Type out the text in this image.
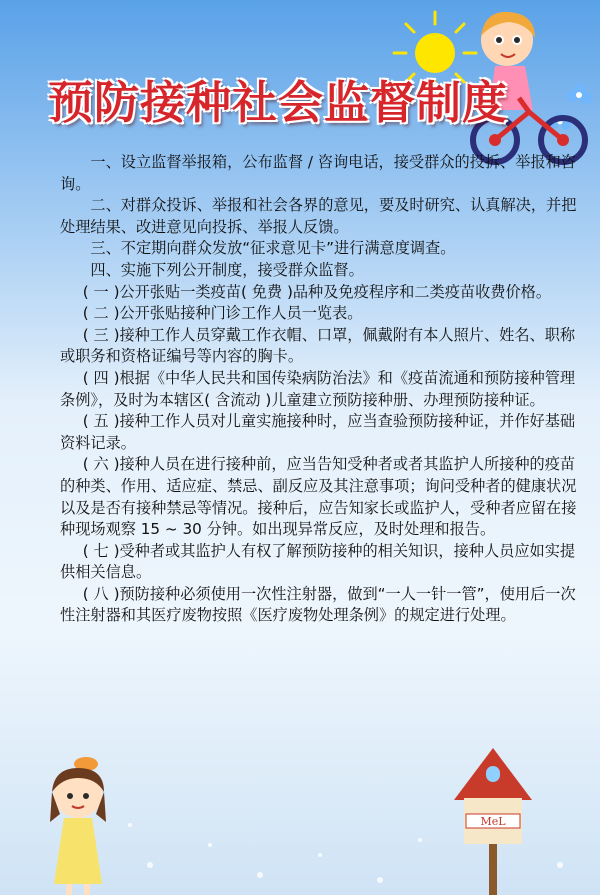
预防接种社会监督制度

一、设立监督举报箱，公布监督 / 咨询电话，接受群众的投拆、举报和咨询。

二、对群众投诉、举报和社会各界的意见，要及时研究、认真解决，并把处理结果、改进意见向投拆、举报人反馈。

三、不定期向群众发放“征求意见卡”进行满意度调查。

四、实施下列公开制度，接受群众监督。

( 一 )公开张贴一类疫苗( 免费 )品种及免疫程序和二类疫苗收费价格。

( 二 )公开张贴接种门诊工作人员一览表。

( 三 )接种工作人员穿戴工作衣帽、口罩，佩戴附有本人照片、姓名、职称或职务和资格证编号等内容的胸卡。

( 四 )根据《中华人民共和国传染病防治法》和《疫苗流通和预防接种管理条例》，及时为本辖区( 含流动 )儿童建立预防接种册、办理预防接种证。

( 五 )接种工作人员对儿童实施接种时，应当查验预防接种证，并作好基础资料记录。

( 六 )接种人员在进行接种前，应当告知受种者或者其监护人所接种的疫苗的种类、作用、适应症、禁忌、副反应及其注意事项；询问受种者的健康状况以及是否有接种禁忌等情况。接种后，应告知家长或监护人，受种者应留在接种现场观察 15 ~ 30 分钟。如出现异常反应，及时处理和报告。

( 七 )受种者或其监护人有权了解预防接种的相关知识，接种人员应如实提供相关信息。

( 八 )预防接种必须使用一次性注射器，做到“一人一针一管”，使用后一次性注射器和其医疗废物按照《医疗废物处理条例》的规定进行处理。

MeL
